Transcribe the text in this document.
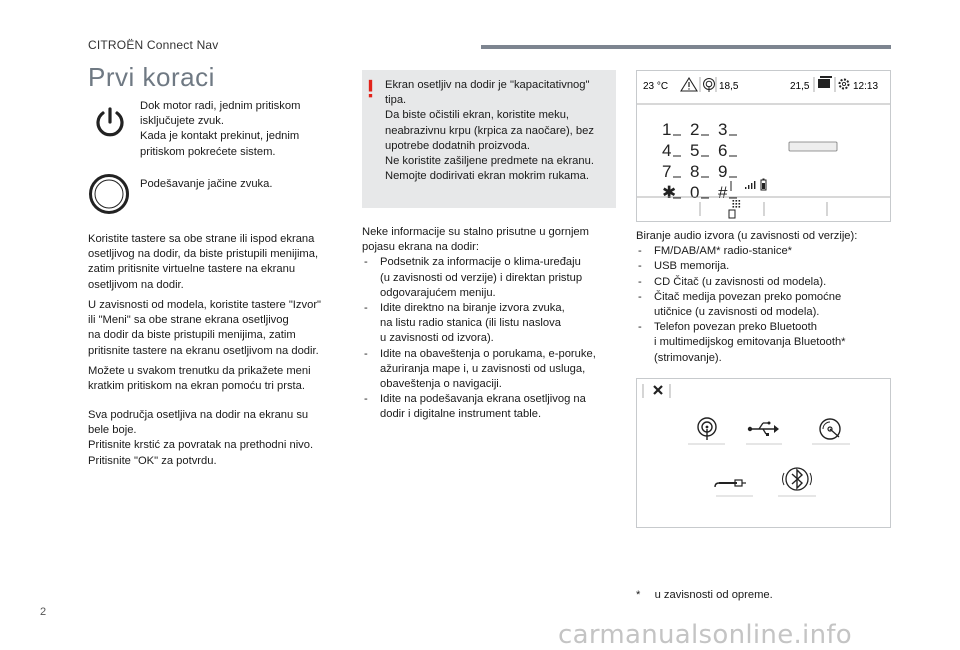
CITROËN Connect Nav
Prvi koraci

Dok motor radi, jednim pritiskom

isključujete zvuk.

Kada je kontakt prekinut, jednim

pritiskom pokrećete sistem.

Podešavanje jačine zvuka.

Koristite tastere sa obe strane ili ispod ekrana

osetljivog na dodir, da biste pristupili menijima,

zatim pritisnite virtuelne tastere na ekranu

osetljivom na dodir.

U zavisnosti od modela, koristite tastere "Izvor"

ili "Meni" sa obe strane ekrana osetljivog

na dodir da biste pristupili menijima, zatim

pritisnite tastere na ekranu osetljivom na dodir.

Možete u svakom trenutku da prikažete meni

kratkim pritiskom na ekran pomoću tri prsta.

Sva područja osetljiva na dodir na ekranu su

bele boje.

Pritisnite krstić za povratak na prethodni nivo.

Pritisnite "OK" za potvrdu.

Ekran osetljiv na dodir je "kapacitativnog"

tipa.

Da biste očistili ekran, koristite meku,

neabrazivnu krpu (krpica za naočare), bez

upotrebe dodatnih proizvoda.

Ne koristite zašiljene predmete na ekranu.

Nemojte dodirivati ekran mokrim rukama.

Neke informacije su stalno prisutne u gornjem

pojasu ekrana na dodir:

- Podsetnik za informacije o klima-uređaju
(u zavisnosti od verzije) i direktan pristup
odgovarajućem meniju.
- Idite direktno na biranje izvora zvuka,
na listu radio stanica (ili listu naslova
u zavisnosti od izvora).
- Idite na obaveštenja o porukama, e-poruke,
ažuriranja mape i, u zavisnosti od usluga,
obaveštenja o navigaciji.
- Idite na podešavanja ekrana osetljivog na
dodir i digitalne instrument table.
23 °C	18,5	21,5	12:13
1 2 3
4 5 6
7 8 9
✱ 0 #

Biranje audio izvora (u zavisnosti od verzije):

- FM/DAB/AM* radio-stanice*
- USB memorija.
- CD Čitač (u zavisnosti od modela).
- Čitač medija povezan preko pomoćne
utičnice (u zavisnosti od modela).
- Telefon povezan preko Bluetooth
i multimedijskog emitovanja Bluetooth*
(strimovanje).
* u zavisnosti od opreme.
2
carmanualsonline.info
